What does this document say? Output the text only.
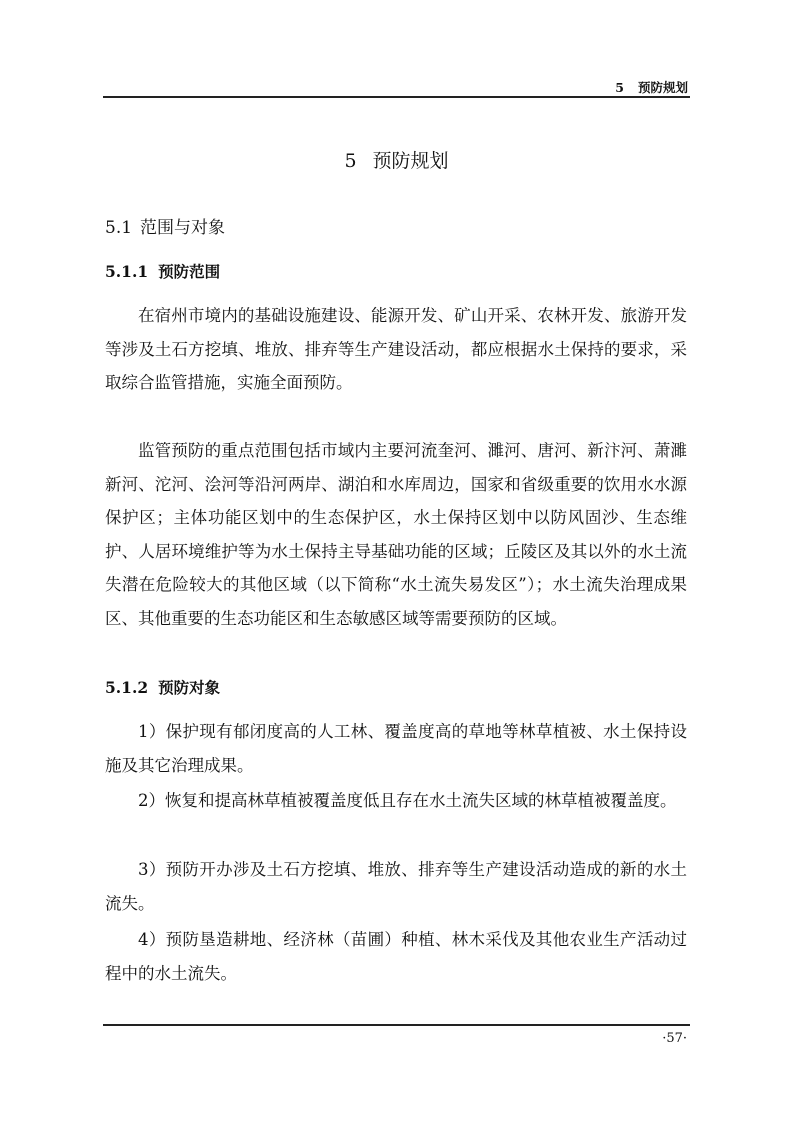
5 预防规划
5 预防规划
5.1 范围与对象
5.1.1 预防范围

在宿州市境内的基础设施建设、能源开发、矿山开采、农林开发、旅游开发等涉及土石方挖填、堆放、排弃等生产建设活动，都应根据水土保持的要求，采取综合监管措施，实施全面预防。

监管预防的重点范围包括市域内主要河流奎河、濉河、唐河、新汴河、萧濉新河、沱河、浍河等沿河两岸、湖泊和水库周边，国家和省级重要的饮用水水源保护区；主体功能区划中的生态保护区，水土保持区划中以防风固沙、生态维护、人居环境维护等为水土保持主导基础功能的区域；丘陵区及其以外的水土流失潜在危险较大的其他区域（以下简称“水土流失易发区”）；水土流失治理成果区、其他重要的生态功能区和生态敏感区域等需要预防的区域。

5.1.2 预防对象

1）保护现有郁闭度高的人工林、覆盖度高的草地等林草植被、水土保持设施及其它治理成果。

2）恢复和提高林草植被覆盖度低且存在水土流失区域的林草植被覆盖度。

3）预防开办涉及土石方挖填、堆放、排弃等生产建设活动造成的新的水土流失。

4）预防垦造耕地、经济林（苗圃）种植、林木采伐及其他农业生产活动过程中的水土流失。

·57·
